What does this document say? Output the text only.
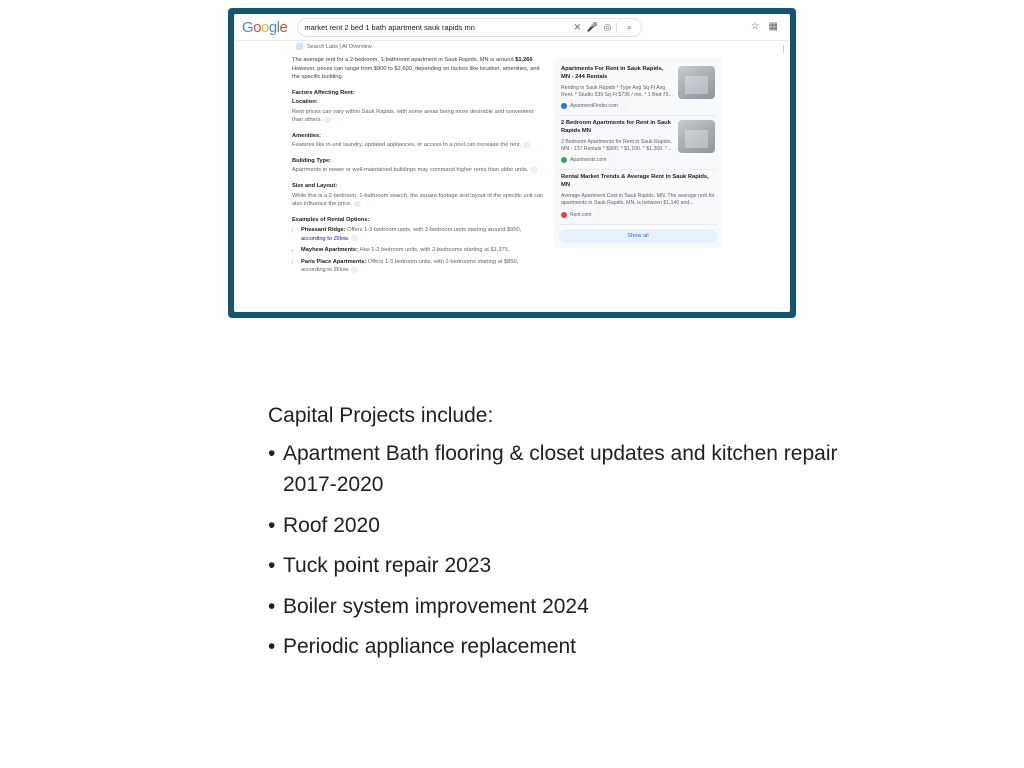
Google market rent 2 bed 1 bath apartment sauk rapids mn	✕ 🎤 ◎	⌕	☆ ▦
Search Labs | AI Overview

The average rent for a 2-bedroom, 1-bathroom apartment in Sauk Rapids, MN is around $1,260. However, prices can range from $900 to $2,600, depending on factors like location, amenities, and the specific building.

Factors Affecting Rent:

Location:

Rent prices can vary within Sauk Rapids, with some areas being more desirable and convenient than others.

Amenities:

Features like in-unit laundry, updated appliances, or access to a pool can increase the rent.

Building Type:

Apartments in newer or well-maintained buildings may command higher rents than older units.

Size and Layout:

While this is a 2-bedroom, 1-bathroom search, the square footage and layout of the specific unit can also influence the price.

Examples of Rental Options:

• Pheasant Ridge: Offers 1-3 bedroom units, with 2-bedroom units starting around $950, according to Zillow.
• Mayhew Apartments: Has 1-2 bedroom units, with 2-bedrooms starting at $1,375.
• Paris Place Apartments: Offers 1-3 bedroom units, with 2-bedrooms starting at $850, according to Zillow.
Apartments For Rent in Sauk Rapids, MN - 244 Rentals
Renting in Sauk Rapids * Type Avg Sq Ft Avg Rent. * Studio 539 Sq Ft $736 / mo. * 1 Bed 75...
ApartmentFinder.com ⋮
2 Bedroom Apartments for Rent in Sauk Rapids MN
2 Bedroom Apartments for Rent in Sauk Rapids, MN - 137 Rentals * $900. * $1,100. * $1,300. *...
Apartments.com ⋮
Rental Market Trends & Average Rent in Sauk Rapids, MN
Average Apartment Cost in Sauk Rapids, MN. The average rent for apartments in Sauk Rapids, MN, is between $1,140 and...
Rent.com ⋮
Show all
Capital Projects include:
• Apartment Bath flooring & closet updates and kitchen repair 2017-2020
• Roof 2020
• Tuck point repair 2023
• Boiler system improvement 2024
• Periodic appliance replacement
